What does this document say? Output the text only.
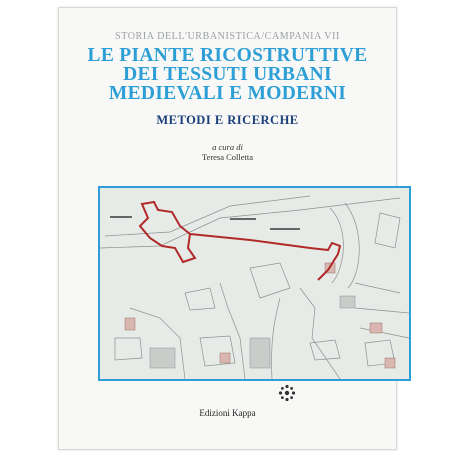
STORIA DELL'URBANISTICA/CAMPANIA VII
LE PIANTE RICOSTRUTTIVE
DEI TESSUTI URBANI
MEDIEVALI E MODERNI
METODI E RICERCHE
a cura di
Teresa Colletta
Edizioni Kappa
